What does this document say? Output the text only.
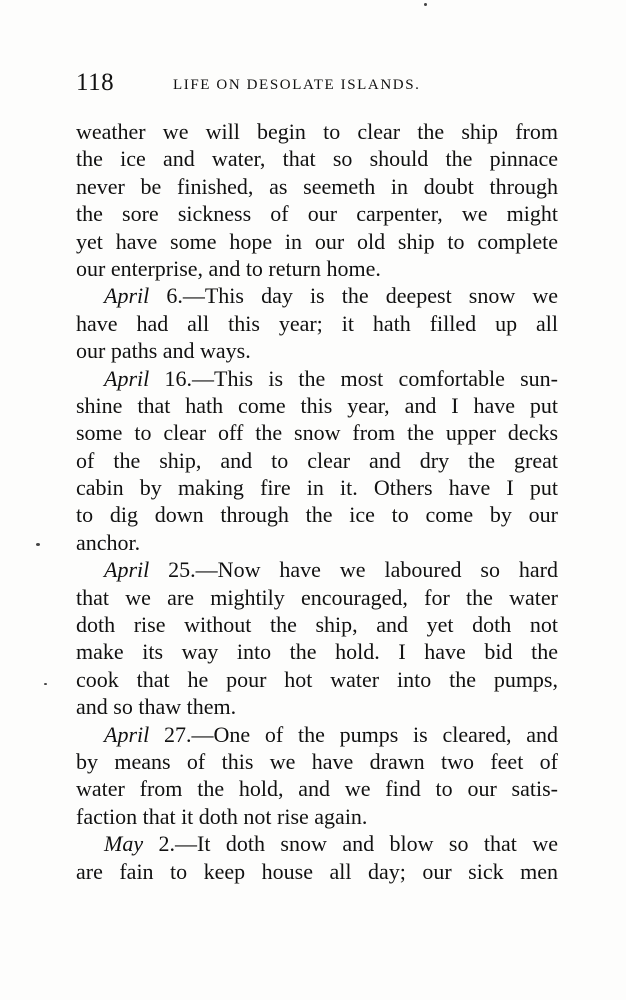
118	LIFE ON DESOLATE ISLANDS.
weather we will begin to clear the ship from
the ice and water, that so should the pinnace
never be finished, as seemeth in doubt through
the sore sickness of our carpenter, we might
yet have some hope in our old ship to complete
our enterprise, and to return home.
April 6.—This day is the deepest snow we
have had all this year; it hath filled up all
our paths and ways.
April 16.—This is the most comfortable sun-
shine that hath come this year, and I have put
some to clear off the snow from the upper decks
of the ship, and to clear and dry the great
cabin by making fire in it. Others have I put
to dig down through the ice to come by our
anchor.
April 25.—Now have we laboured so hard
that we are mightily encouraged, for the water
doth rise without the ship, and yet doth not
make its way into the hold. I have bid the
cook that he pour hot water into the pumps,
and so thaw them.
April 27.—One of the pumps is cleared, and
by means of this we have drawn two feet of
water from the hold, and we find to our satis-
faction that it doth not rise again.
May 2.—It doth snow and blow so that we
are fain to keep house all day; our sick men
